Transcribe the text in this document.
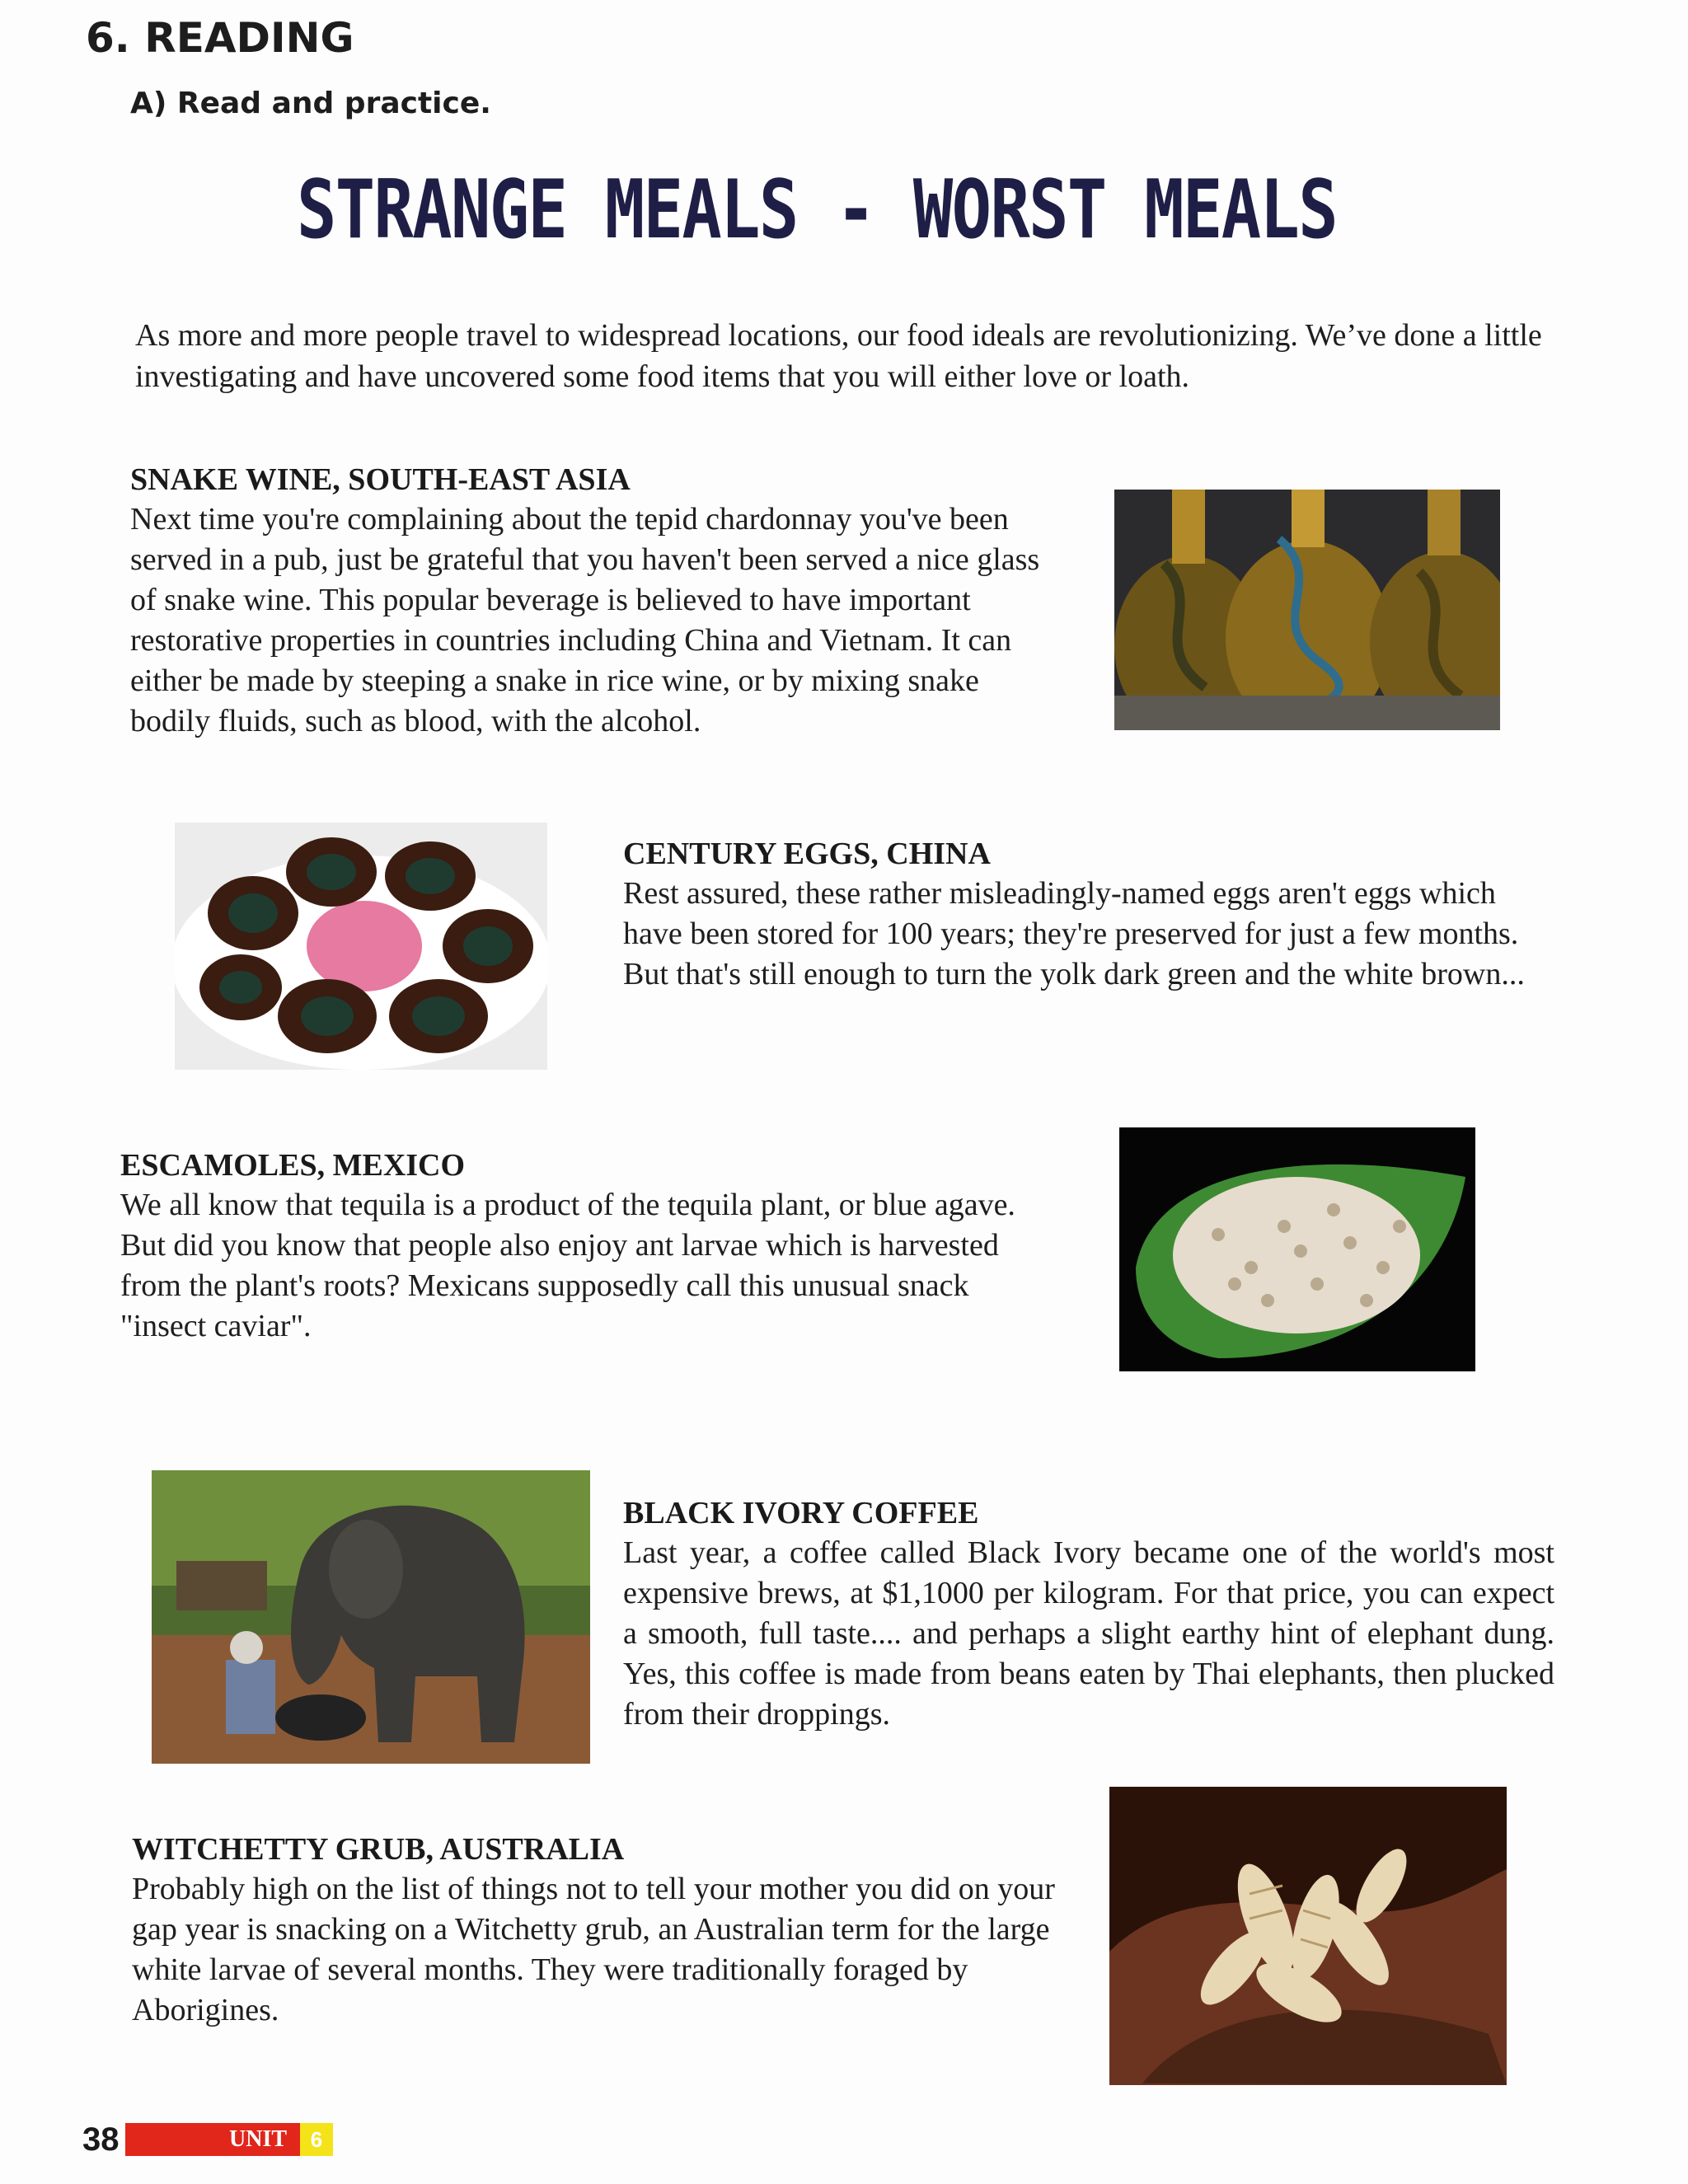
6. READING
A) Read and practice.
STRANGE MEALS - WORST MEALS

As more and more people travel to widespread locations, our food ideals are revolutionizing. We’ve done a little investigating and have uncovered some food items that you will either love or loath.

SNAKE WINE, SOUTH-EAST ASIA

Next time you're complaining about the tepid chardonnay you've been served in a pub, just be grateful that you haven't been served a nice glass of snake wine. This popular beverage is believed to have important restorative properties in countries including China and Vietnam. It can either be made by steeping a snake in rice wine, or by mixing snake bodily fluids, such as blood, with the alcohol.

CENTURY EGGS, CHINA

Rest assured, these rather misleadingly-named eggs aren't eggs which have been stored for 100 years; they're preserved for just a few months. But that's still enough to turn the yolk dark green and the white brown...

ESCAMOLES, MEXICO

We all know that tequila is a product of the tequila plant, or blue agave. But did you know that people also enjoy ant larvae which is harvested from the plant's roots? Mexicans supposedly call this unusual snack "insect caviar".

BLACK IVORY COFFEE

Last year, a coffee called Black Ivory became one of the world's most expensive brews, at $1,1000 per kilogram. For that price, you can expect a smooth, full taste.... and perhaps a slight earthy hint of elephant dung. Yes, this coffee is made from beans eaten by Thai elephants, then plucked from their droppings.

WITCHETTY GRUB, AUSTRALIA

Probably high on the list of things not to tell your mother you did on your gap year is snacking on a Witchetty grub, an Australian term for the large white larvae of several months. They were traditionally foraged by Aborigines.

38	UNIT	6
